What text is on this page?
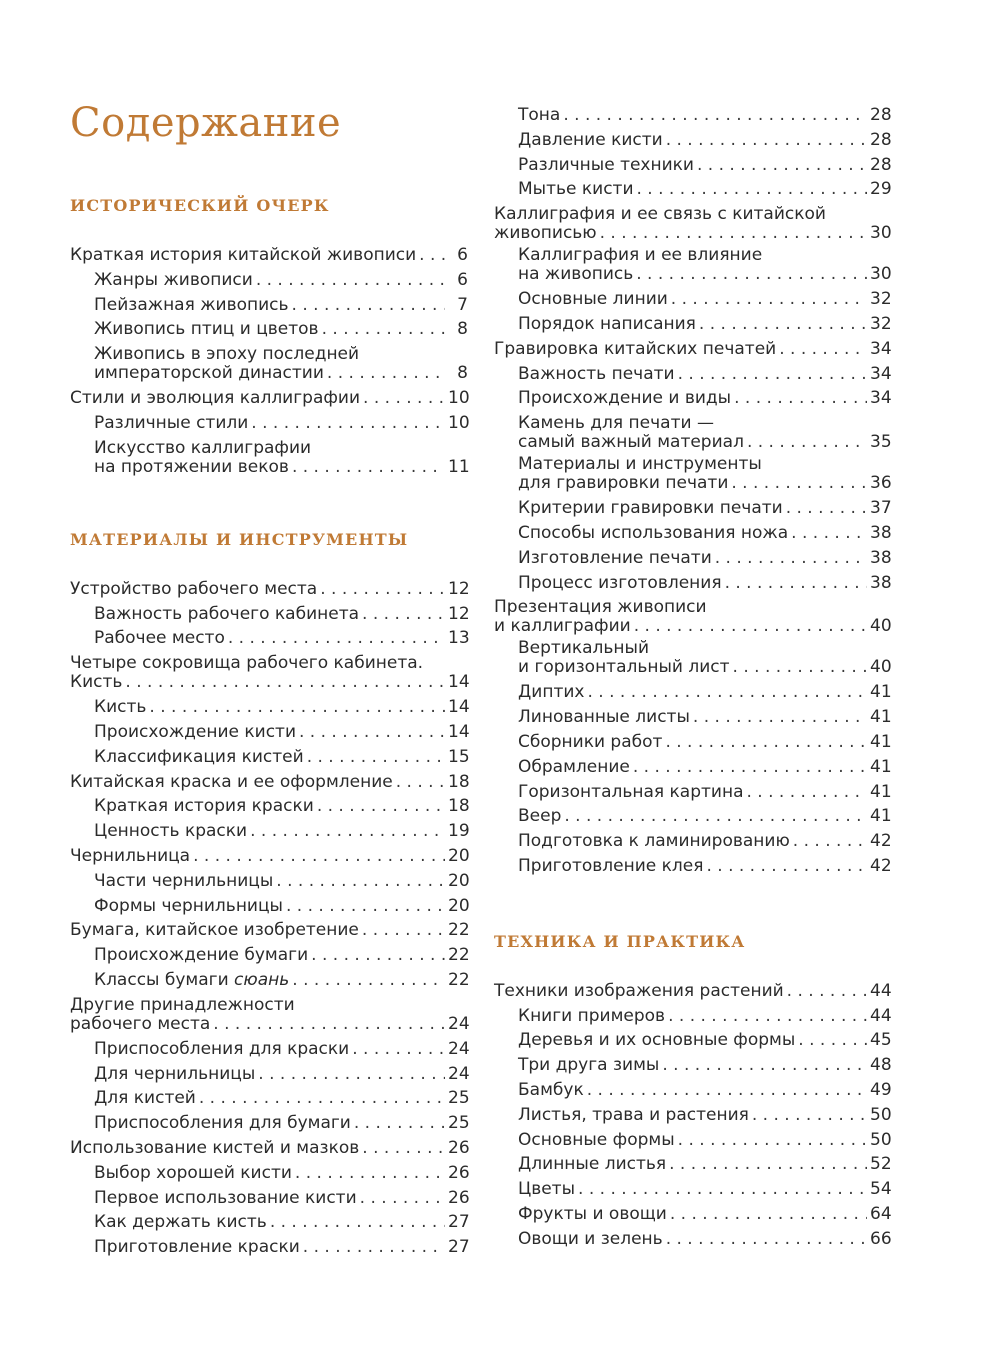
Содержание
ИСТОРИЧЕСКИЙ ОЧЕРК
Краткая история китайской живописи . . .	6
Жанры живописи . . .	6
Пейзажная живопись . . .	7
Живопись птиц и цветов . . .	8
Живопись в эпоху последней
императорской династии . . .	8
Стили и эволюция каллиграфии . . .	10
Различные стили . . .	10
Искусство каллиграфии
на протяжении веков . . .	11
МАТЕРИАЛЫ И ИНСТРУМЕНТЫ
Устройство рабочего места . . .	12
Важность рабочего кабинета . . .	12
Рабочее место . . .	13
Четыре сокровища рабочего кабинета.
Кисть . . .	14
Кисть . . .	14
Происхождение кисти . . .	14
Классификация кистей . . .	15
Китайская краска и ее оформление . . .	18
Краткая история краски . . .	18
Ценность краски . . .	19
Чернильница . . .	20
Части чернильницы . . .	20
Формы чернильницы . . .	20
Бумага, китайское изобретение . . .	22
Происхождение бумаги . . .	22
Классы бумаги сюань . . .	22
Другие принадлежности
рабочего места . . .	24
Приспособления для краски . . .	24
Для чернильницы . . .	24
Для кистей . . .	25
Приспособления для бумаги . . .	25
Использование кистей и мазков . . .	26
Выбор хорошей кисти . . .	26
Первое использование кисти . . .	26
Как держать кисть . . .	27
Приготовление краски . . .	27
Тона . . .	28
Давление кисти . . .	28
Различные техники . . .	28
Мытье кисти . . .	29
Каллиграфия и ее связь с китайской
живописью . . .	30
Каллиграфия и ее влияние
на живопись . . .	30
Основные линии . . .	32
Порядок написания . . .	32
Гравировка китайских печатей . . .	34
Важность печати . . .	34
Происхождение и виды . . .	34
Камень для печати —
самый важный материал . . .	35
Материалы и инструменты
для гравировки печати . . .	36
Критерии гравировки печати . . .	37
Способы использования ножа . . .	38
Изготовление печати . . .	38
Процесс изготовления . . .	38
Презентация живописи
и каллиграфии . . .	40
Вертикальный
и горизонтальный лист . . .	40
Диптих . . .	41
Линованные листы . . .	41
Сборники работ . . .	41
Обрамление . . .	41
Горизонтальная картина . . .	41
Веер . . .	41
Подготовка к ламинированию . . .	42
Приготовление клея . . .	42
ТЕХНИКА И ПРАКТИКА
Техники изображения растений . . .	44
Книги примеров . . .	44
Деревья и их основные формы . . .	45
Три друга зимы . . .	48
Бамбук . . .	49
Листья, трава и растения . . .	50
Основные формы . . .	50
Длинные листья . . .	52
Цветы . . .	54
Фрукты и овощи . . .	64
Овощи и зелень . . .	66
